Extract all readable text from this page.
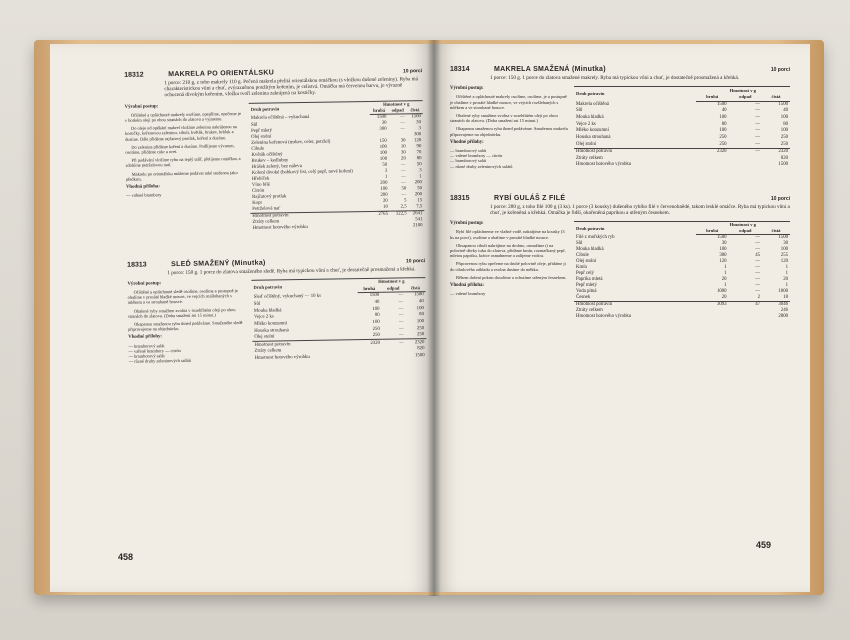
18312	MAKRELA PO ORIENTÁLSKU	10 porcí
1 porce: 210 g, z toho makrely 110 g. Pečená makrela přelitá orientálskou omáčkou (s vložkou dušené zeleniny). Ryba má charakteristickou vůni a chuť, zvýrazněnou použitým kořením, je celistvá. Omáčka má červenou barvu, je výrazně ochucená divokým kořením, vložku tvoří zelenina zakrájená na kostičky.
Výrobní postup:

Očištěné a opláchnuté makrely osolíme, opepříme, opečeme je v horkém oleji po obou stranách do zlatova a vyjmeme.

Do oleje od opékání makrel vložíme zeleninu nakrájenou na kostičky, kořenovou zeleninu, cibuli, květák, brukev, hrášek a dusíme. Dále přidáme rajčatový protlak, koření a dusíme.

Do zelenina přidáme koření a dusíme. Podlijeme vývarem, osolíme, přidáme cukr a ocet.

Při podávání vložíme rybu na teplý talíř, přelijeme omáčkou a zdobíme petrželovou natí.

Makrelu po orientálsku můžeme podávat také studenou jako předkrm.

Vhodná příloha:
— vařené brambory
Druh potravin	Hmotnost v g		
	hrubá	odpad	čistá
Makrela očištěná – vykuchaná	1500	—	1500
Sůl	30	—	30
Pepř mletý	300	—	3
Olej stolní			300
Zelenina kořenová (mrkev, celer, petržel)	150	30	120
Cibule	100	10	90
Květák očištěný	100	30	70
Brukev – kedlubny	100	20	80
Hrášek zelený, bez nálevu	50	—	50
Koření divoké (bobkový list, celý pepř, nové koření)	3	—	3
Hřebíček	1	—	1
Víno bílé	200	—	200
Citrón	100	50	50
Rajčatový protlak	200	—	200
Kopr	20	5	15
Petrželová nať	10	2,5	7,5
Hmotnost potravin	2765	122,5	2641
Ztráty celkem			541
Hmotnost hotového výrobku			2100
18313	SLEĎ SMAŽENÝ (Minutka)	10 porcí
1 porce: 150 g. 1 porce do zlatova smaženého sledě. Ryba má typickou vůni a chuť, je dostatečně prosmažená a křehká.
Výrobní postup:

Očištěné a opláchnuté sledě osolíme, osolíme a postupně je obalíme v prosáté hladké mouce, ve vejcích rozšlehaných s mlékem a ve strouhané housce.

Obalené ryby smažíme zvolna v rozehřátém oleji po obou stranách do zlatova. (Doba smažení asi 15 minut.)

Okapanou smaženou rybu ihned podáváme. Smaženého sledě připravujeme na objednávku.

Vhodné přílohy:
— bramborový salát
— vařené brambory — citrón
— bramborový salát
— různé druhy zeleninových salátů
Druh potravin	Hmotnost v g		
	hrubá	odpad	čistá
Sleď očištěný, vykuchaný — 10 ks	1500	—	1500
Sůl	40	—	40
Mouka hladká	100	—	100
Vejce 2 ks	80	—	80
Mléko konzumní	100	—	100
Houska strouhaná	250	—	250
Olej stolní	250	—	250
Hmotnost potravin	2320	—	2320
Ztráty celkem			820
Hmotnost hotového výrobku			1500
18314	MAKRELA SMAŽENÁ (Minutka)	10 porcí
1 porce: 150 g. 1 porce do zlatova smažené makrely. Ryba má typickou vůni a chuť, je dostatečně prosmažená a křehká.
Výrobní postup:

Očištěné a opláchnuté makrely osolíme, osolíme, je a postupně je obalíme v prosáté hladké mouce, ve vejcích rozšlehaných s mlékem a ve strouhané housce.

Obalené ryby smažíme zvolna v rozehřátém oleji po obou stranách do zlatova. (Doba smažení asi 15 minut.)

Okapanou smaženou rybu ihned podáváme. Smaženou makrelu připravujeme na objednávku.

Vhodné přílohy:
— bramborový salát
— vařené brambory — citrón
— bramborový salát
— různé druhy zeleninových salátů
Druh potravin	Hmotnost v g		
	hrubá	odpad	čistá
Makrela očištěná	1500	—	1500
Sůl	40	—	40
Mouka hladká	100	—	100
Vejce 2 ks	80	—	80
Mléko konzumní	100	—	100
Houska strouhaná	250	—	250
Olej stolní	250	—	250
Hmotnost potravin	2320	—	2320
Ztráty celkem			820
Hmotnost hotového výrobku			1500
18315	RYBÍ GULÁŠ Z FILÉ	10 porcí
1 porce: 280 g, z toho filé 100 g (3 ks). 1 porce (3 kousky) dušeného rybího filé v červenohnědé, takom lesklé omáčce. Ryba má typickou vůni a chuť, je kořeněná a křehká. Omáčka je řidší, okořeněná paprikou a utřeným česnekem.
Výrobní postup:

Rybí filé opláchneme ve vlažné vodě, nakrájíme na kousky (3 ks na porci), osolíme a obalíme v prosáté hladké mouce.

Obsapanou cibuli nakrájíme na drobno, osmažíme (i na polovině dávky tuku do zlatova, přidáme kmín, rozmačkaný pepř, mletou papriku, krátce osmahneme a zalijeme vodou.

Připravenou rybu opečeme na druhé polovině oleje, přidáme ji do cibulového základu a zvolna dusíme do měkka.

Během dušení pokrm dosolíme a ochutíme utřeným česnekem.

Vhodná příloha:
— vařené brambory
Druh potravin	Hmotnost v g		
	hrubá	odpad	čistá
Filé z mořských ryb	1500	—	1500
Sůl	30	—	30
Mouka hladká	100	—	100
Cibule	300	45	255
Olej stolní	120	—	120
Kmín	1	—	1
Pepř celý	1	—	1
Paprika mletá	20	—	20
Pepř mletý	1	—	1
Voda pitná	1000	—	1000
Česnek	20	2	18
Hmotnost potravin	3093	47	3046
Ztráty celkem			246
Hmotnost hotového výrobku			2800
458
459
